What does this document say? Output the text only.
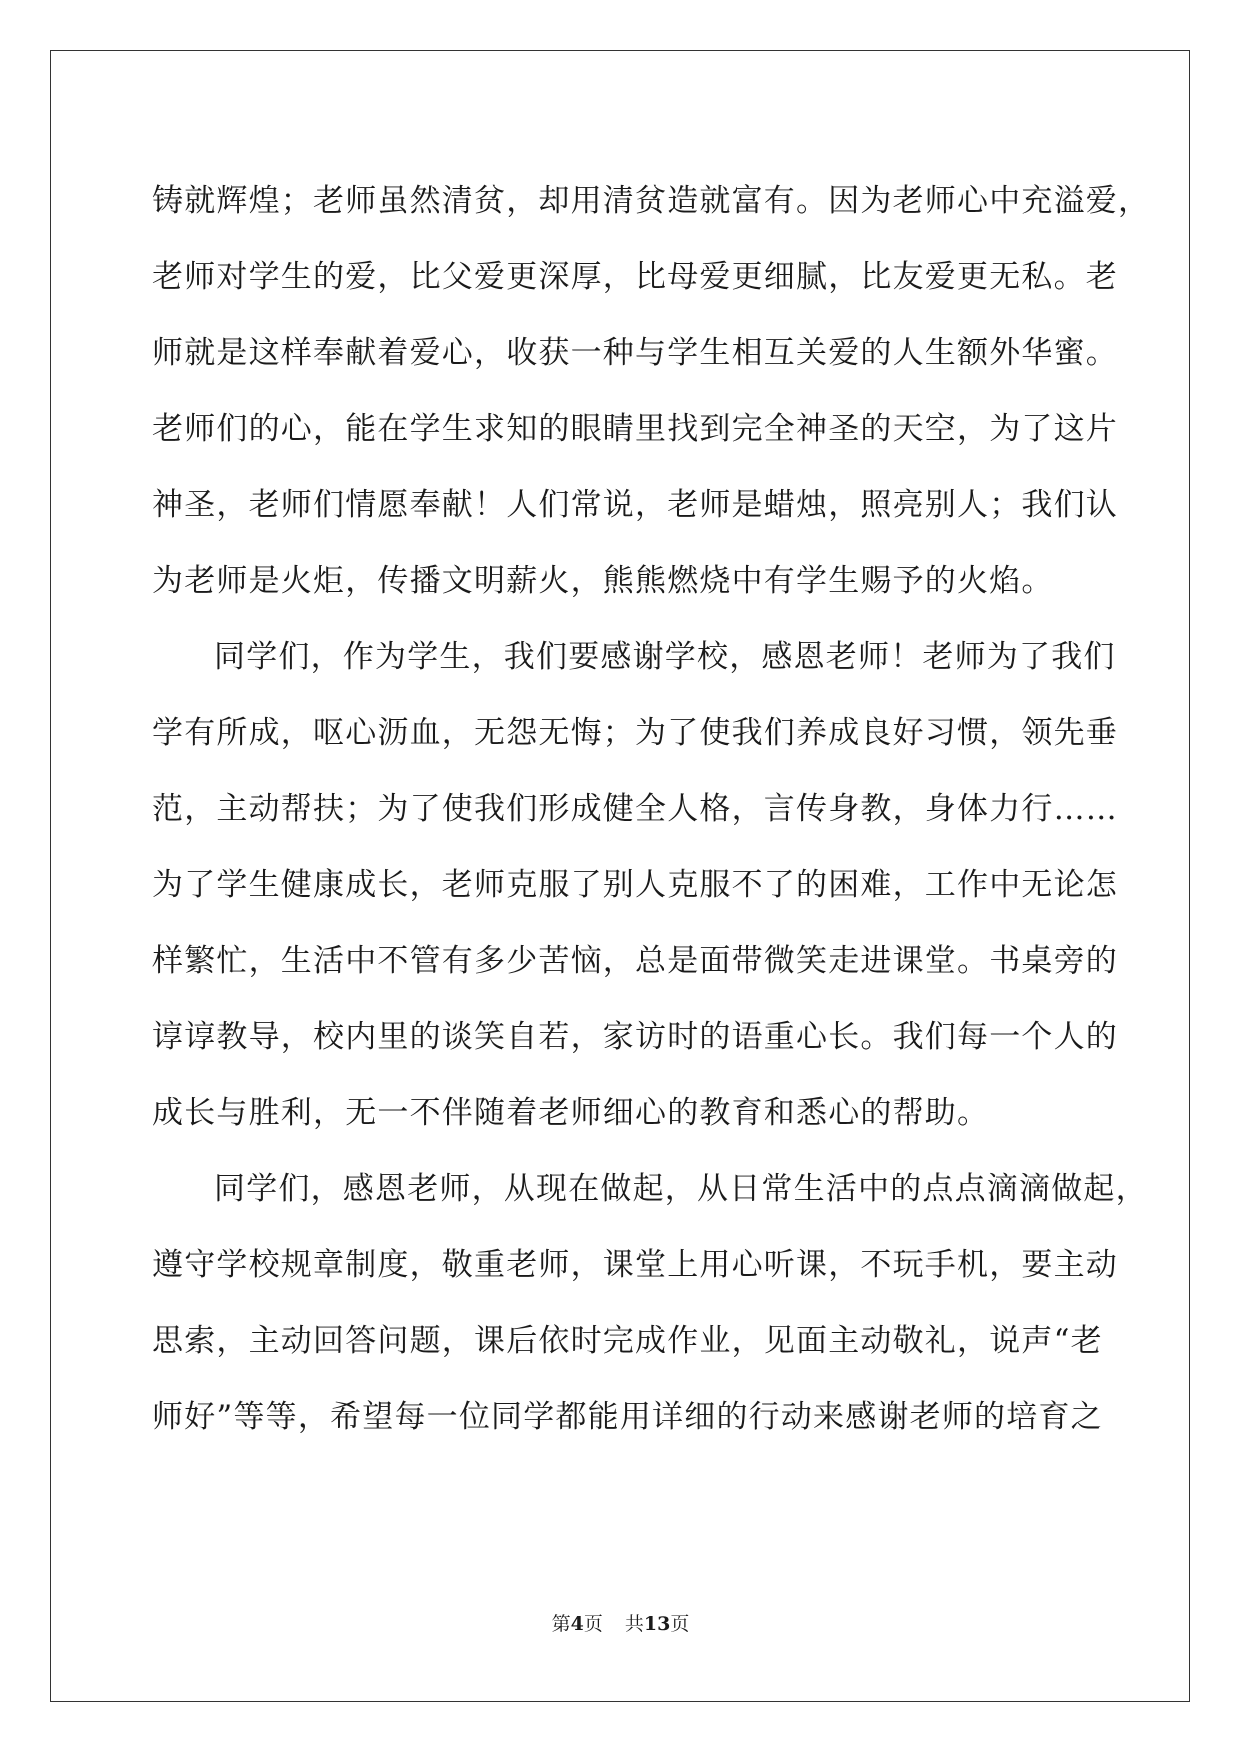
铸就辉煌；老师虽然清贫，却用清贫造就富有。因为老师心中充溢爱，
老师对学生的爱，比父爱更深厚，比母爱更细腻，比友爱更无私。老
师就是这样奉献着爱心，收获一种与学生相互关爱的人生额外华蜜。
老师们的心，能在学生求知的眼睛里找到完全神圣的天空，为了这片
神圣，老师们情愿奉献！人们常说，老师是蜡烛，照亮别人；我们认
为老师是火炬，传播文明薪火，熊熊燃烧中有学生赐予的火焰。
同学们，作为学生，我们要感谢学校，感恩老师！老师为了我们
学有所成，呕心沥血，无怨无悔；为了使我们养成良好习惯，领先垂
范，主动帮扶；为了使我们形成健全人格，言传身教，身体力行……
为了学生健康成长，老师克服了别人克服不了的困难，工作中无论怎
样繁忙，生活中不管有多少苦恼，总是面带微笑走进课堂。书桌旁的
谆谆教导，校内里的谈笑自若，家访时的语重心长。我们每一个人的
成长与胜利，无一不伴随着老师细心的教育和悉心的帮助。
同学们，感恩老师，从现在做起，从日常生活中的点点滴滴做起，
遵守学校规章制度，敬重老师，课堂上用心听课，不玩手机，要主动
思索，主动回答问题，课后依时完成作业，见面主动敬礼，说声“老
师好”等等，希望每一位同学都能用详细的行动来感谢老师的培育之
第4页 共13页
